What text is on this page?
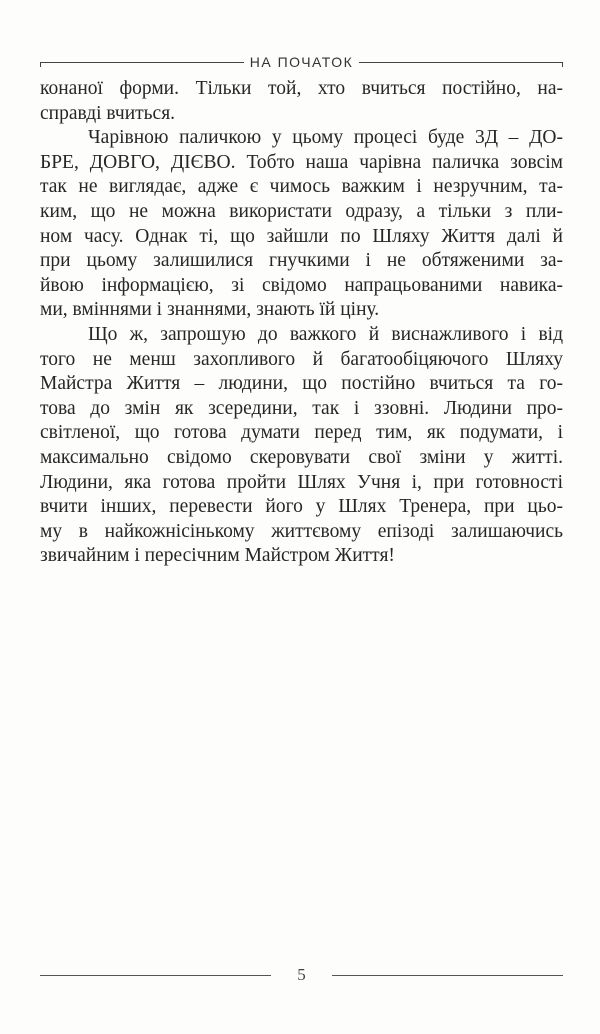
НА ПОЧАТОК
конаної форми. Тільки той, хто вчиться постійно, на-
справді вчиться.
Чарівною паличкою у цьому процесі буде 3Д – ДО-
БРЕ, ДОВГО, ДІЄВО. Тобто наша чарівна паличка зовсім
так не виглядає, адже є чимось важким і незручним, та-
ким, що не можна використати одразу, а тільки з пли-
ном часу. Однак ті, що зайшли по Шляху Життя далі й
при цьому залишилися гнучкими і не обтяженими за-
йвою інформацією, зі свідомо напрацьованими навика-
ми, вміннями і знаннями, знають їй ціну.
Що ж, запрошую до важкого й виснажливого і від
того не менш захопливого й багатообіцяючого Шляху
Майстра Життя – людини, що постійно вчиться та го-
това до змін як зсередини, так і ззовні. Людини про-
світленої, що готова думати перед тим, як подумати, і
максимально свідомо скеровувати свої зміни у житті.
Людини, яка готова пройти Шлях Учня і, при готовності
вчити інших, перевести його у Шлях Тренера, при цьо-
му в найкожнісінькому життєвому епізоді залишаючись
звичайним і пересічним Майстром Життя!
5
